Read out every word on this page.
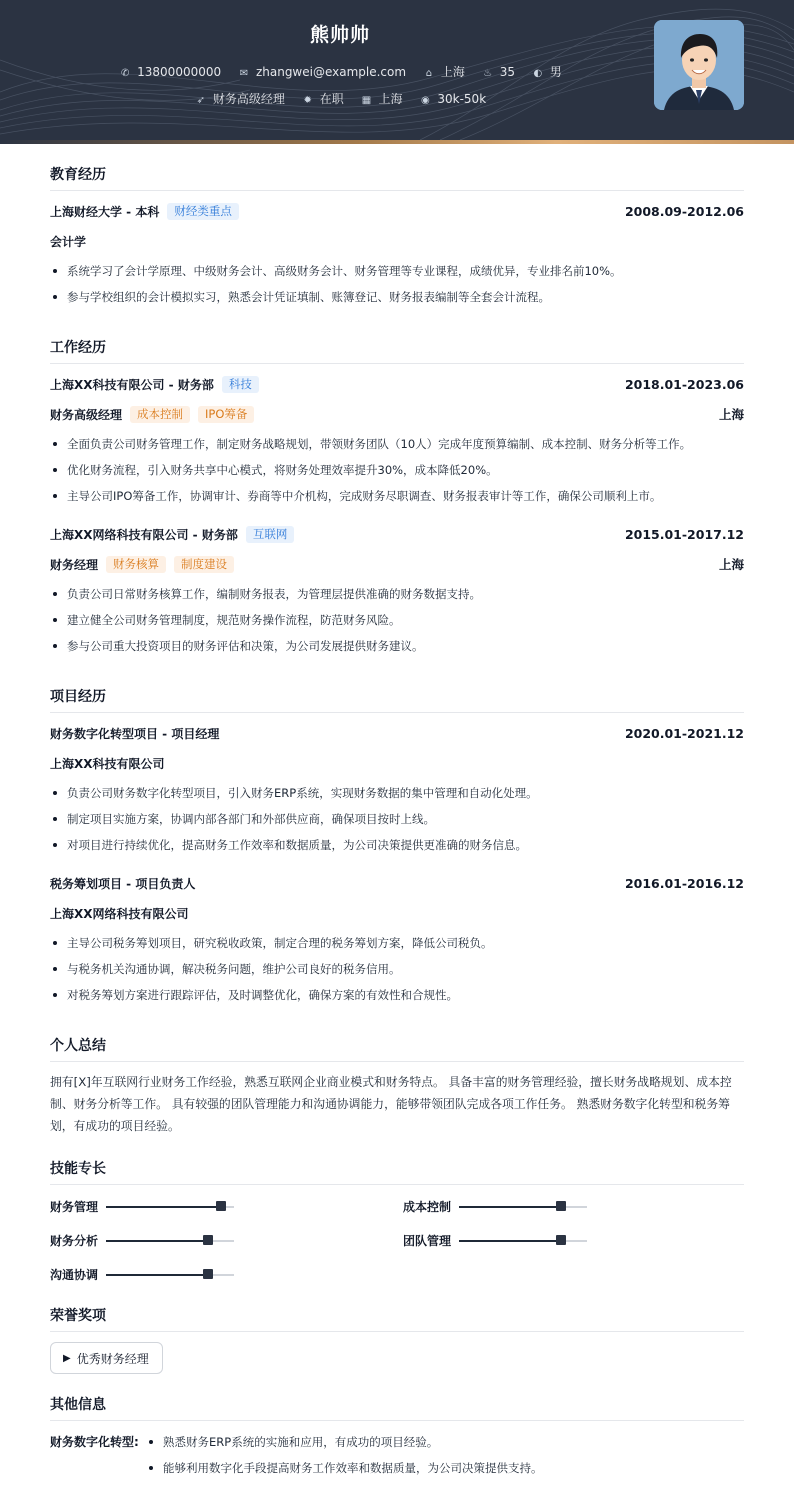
熊帅帅
✆ 13800000000 ✉ zhangwei@example.com ⌂ 上海 ♨ 35 ◐ 男
➶ 财务高级经理 ✹ 在职 ▦ 上海 ◉ 30k-50k
教育经历
上海财经大学 - 本科	财经类重点	2008.09-2012.06
会计学
系统学习了会计学原理、中级财务会计、高级财务会计、财务管理等专业课程，成绩优异，专业排名前10%。
参与学校组织的会计模拟实习，熟悉会计凭证填制、账簿登记、财务报表编制等全套会计流程。
工作经历
上海XX科技有限公司 - 财务部	科技	2018.01-2023.06
财务高级经理	成本控制	IPO筹备	上海
全面负责公司财务管理工作，制定财务战略规划，带领财务团队（10人）完成年度预算编制、成本控制、财务分析等工作。
优化财务流程，引入财务共享中心模式，将财务处理效率提升30%，成本降低20%。
主导公司IPO筹备工作，协调审计、券商等中介机构，完成财务尽职调查、财务报表审计等工作，确保公司顺利上市。
上海XX网络科技有限公司 - 财务部	互联网	2015.01-2017.12
财务经理	财务核算	制度建设	上海
负责公司日常财务核算工作，编制财务报表，为管理层提供准确的财务数据支持。
建立健全公司财务管理制度，规范财务操作流程，防范财务风险。
参与公司重大投资项目的财务评估和决策，为公司发展提供财务建议。
项目经历
财务数字化转型项目 - 项目经理	2020.01-2021.12
上海XX科技有限公司
负责公司财务数字化转型项目，引入财务ERP系统，实现财务数据的集中管理和自动化处理。
制定项目实施方案，协调内部各部门和外部供应商，确保项目按时上线。
对项目进行持续优化，提高财务工作效率和数据质量，为公司决策提供更准确的财务信息。
税务筹划项目 - 项目负责人	2016.01-2016.12
上海XX网络科技有限公司
主导公司税务筹划项目，研究税收政策，制定合理的税务筹划方案，降低公司税负。
与税务机关沟通协调，解决税务问题，维护公司良好的税务信用。
对税务筹划方案进行跟踪评估，及时调整优化，确保方案的有效性和合规性。
个人总结
拥有[X]年互联网行业财务工作经验，熟悉互联网企业商业模式和财务特点。 具备丰富的财务管理经验，擅长财务战略规划、成本控
制、财务分析等工作。 具有较强的团队管理能力和沟通协调能力，能够带领团队完成各项工作任务。 熟悉财务数字化转型和税务筹
划，有成功的项目经验。
技能专长
财务管理	成本控制
财务分析	团队管理
沟通协调
荣誉奖项
▶ 优秀财务经理
其他信息
财务数字化转型:	熟悉财务ERP系统的实施和应用，有成功的项目经验。
能够利用数字化手段提高财务工作效率和数据质量，为公司决策提供支持。
